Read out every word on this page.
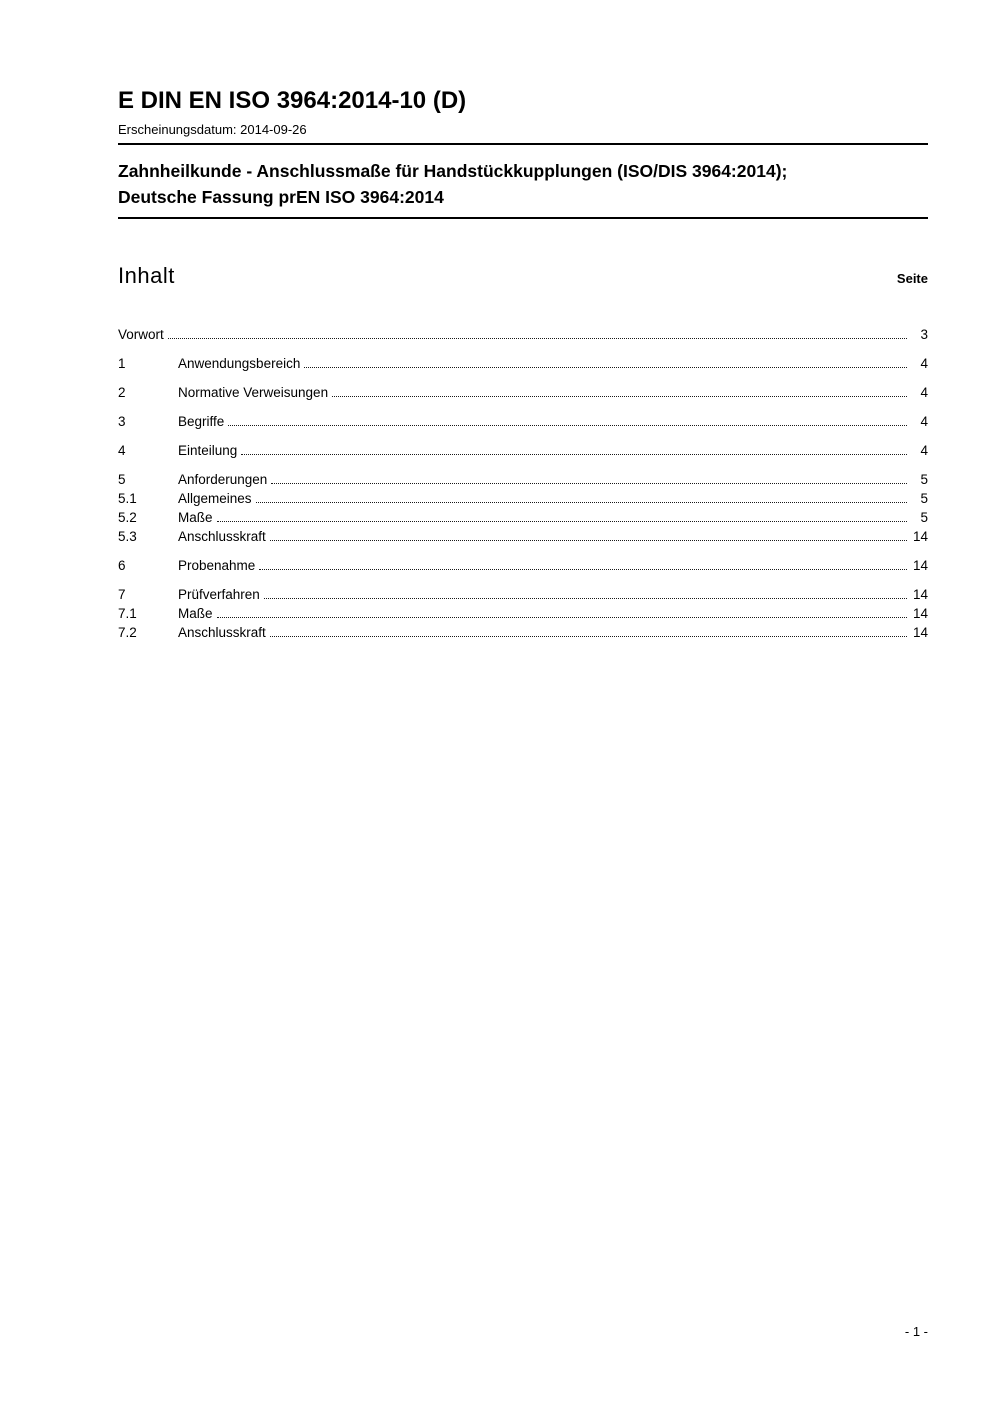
E DIN EN ISO 3964:2014-10 (D)

Erscheinungsdatum: 2014-09-26

Zahnheilkunde - Anschlussmaße für Handstückkupplungen (ISO/DIS 3964:2014);
Deutsche Fassung prEN ISO 3964:2014
Inhalt	Seite
Vorwort	3
1	Anwendungsbereich	4
2	Normative Verweisungen	4
3	Begriffe	4
4	Einteilung	4
5	Anforderungen	5
5.1	Allgemeines	5
5.2	Maße	5
5.3	Anschlusskraft	14
6	Probenahme	14
7	Prüfverfahren	14
7.1	Maße	14
7.2	Anschlusskraft	14
- 1 -
